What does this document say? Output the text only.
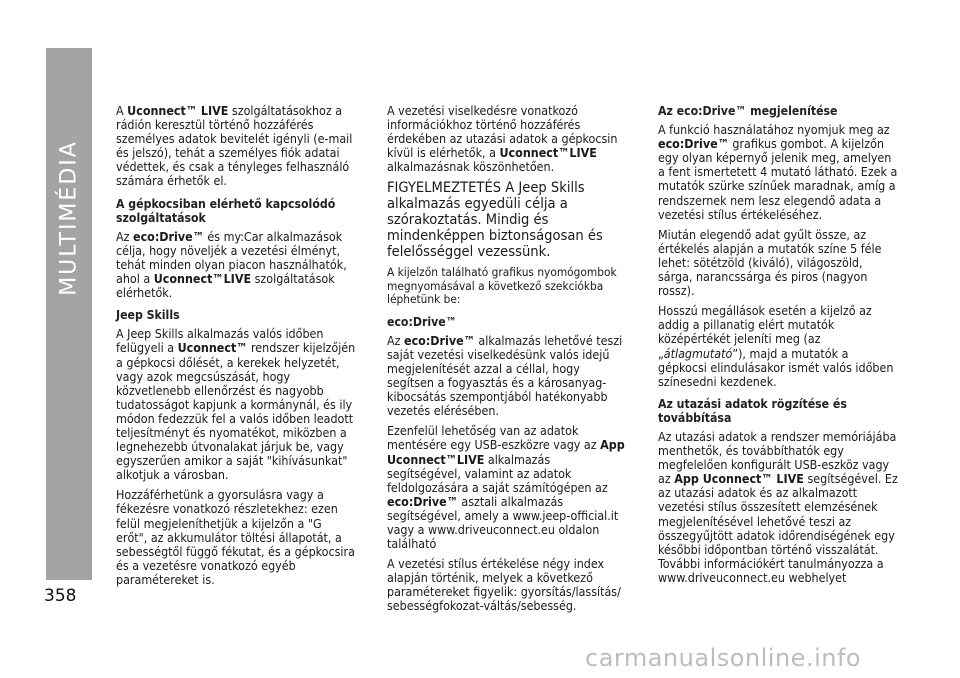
MULTIMÉDIA

A Uconnect™ LIVE szolgáltatásokhoz a rádión keresztül történő hozzáférés személyes adatok bevitelét igényli (e-mail és jelszó), tehát a személyes fiók adatai védettek, és csak a tényleges felhasználó számára érhetők el.

A gépkocsiban elérhető kapcsolódó szolgáltatások

Az eco:Drive™ és my:Car alkalmazások célja, hogy növeljék a vezetési élményt, tehát minden olyan piacon használhatók, ahol a Uconnect™LIVE szolgáltatások elérhetők.

Jeep Skills

A Jeep Skills alkalmazás valós időben felügyeli a Uconnect™ rendszer kijelzőjén a gépkocsi dőlését, a kerekek helyzetét, vagy azok megcsúszását, hogy közvetlenebb ellenőrzést és nagyobb tudatosságot kapjunk a kormánynál, és ily módon fedezzük fel a valós időben leadott teljesítményt és nyomatékot, miközben a legnehezebb útvonalakat járjuk be, vagy egyszerűen amikor a saját "kihívásunkat" alkotjuk a városban.

Hozzáférhetünk a gyorsulásra vagy a fékezésre vonatkozó részletekhez: ezen felül megjeleníthetjük a kijelzőn a "G erőt", az akkumulátor töltési állapotát, a sebességtől függő fékutat, és a gépkocsira és a vezetésre vonatkozó egyéb paramétereket is.

A vezetési viselkedésre vonatkozó információkhoz történő hozzáférés érdekében az utazási adatok a gépkocsin kívül is elérhetők, a Uconnect™LIVE alkalmazásnak köszönhetően.

FIGYELMEZTETÉS A Jeep Skills alkalmazás egyedüli célja a szórakoztatás. Mindig és mindenképpen biztonságosan és felelősséggel vezessünk.

A kijelzőn található grafikus nyomógombok megnyomásával a következő szekciókba léphetünk be:

eco:Drive™

Az eco:Drive™ alkalmazás lehetővé teszi saját vezetési viselkedésünk valós idejű megjelenítését azzal a céllal, hogy segítsen a fogyasztás és a károsanyag-kibocsátás szempontjából hatékonyabb vezetés elérésében.

Ezenfelül lehetőség van az adatok mentésére egy USB-eszközre vagy az App Uconnect™LIVE alkalmazás segítségével, valamint az adatok feldolgozására a saját számítógépen az eco:Drive™ asztali alkalmazás segítségével, amely a www.jeep-official.it vagy a www.driveuconnect.eu oldalon található

A vezetési stílus értékelése négy index alapján történik, melyek a következő paramétereket figyelik: gyorsítás/lassítás/ sebességfokozat-váltás/sebesség.

Az eco:Drive™ megjelenítése

A funkció használatához nyomjuk meg az eco:Drive™ grafikus gombot. A kijelzőn egy olyan képernyő jelenik meg, amelyen a fent ismertetett 4 mutató látható. Ezek a mutatók szürke színűek maradnak, amíg a rendszernek nem lesz elegendő adata a vezetési stílus értékeléséhez.

Miután elegendő adat gyűlt össze, az értékelés alapján a mutatók színe 5 féle lehet: sötétzöld (kiváló), világoszöld, sárga, narancssárga és piros (nagyon rossz).

Hosszú megállások esetén a kijelző az addig a pillanatig elért mutatók középértékét jeleníti meg (az „átlagmutató”), majd a mutatók a gépkocsi elindulásakor ismét valós időben színesedni kezdenek.

Az utazási adatok rögzítése és továbbítása

Az utazási adatok a rendszer memóriájába menthetők, és továbbíthatók egy megfelelően konfigurált USB-eszköz vagy az App Uconnect™ LIVE segítségével. Ez az utazási adatok és az alkalmazott vezetési stílus összesített elemzésének megjelenítésével lehetővé teszi az összegyűjtött adatok időrendiségének egy későbbi időpontban történő visszalátát. További információkért tanulmányozza a www.driveuconnect.eu webhelyet

358
carmanualsonline.info
